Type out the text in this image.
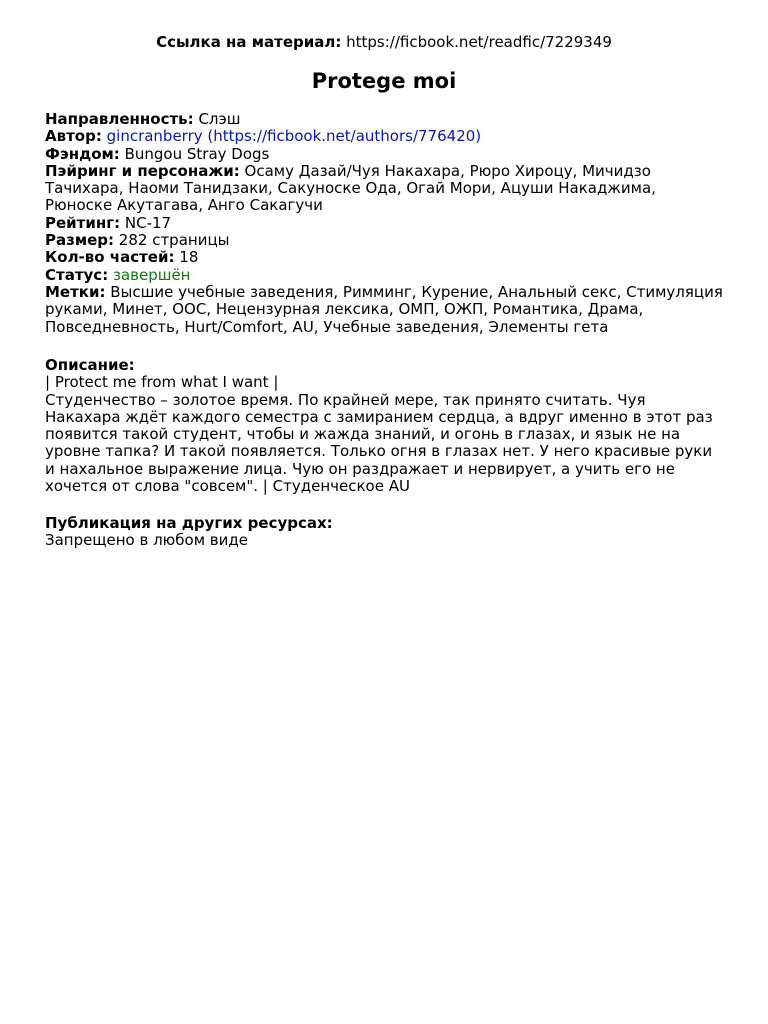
Ссылка на материал: https://ficbook.net/readfic/7229349
Protege moi

Направленность: Слэш

Автор: gincranberry (https://ficbook.net/authors/776420)

Фэндом: Bungou Stray Dogs

Пэйринг и персонажи: Осаму Дазай/Чуя Накахара, Рюро Хироцу, Мичидзо Тачихара, Наоми Танидзаки, Сакуноске Ода, Огай Мори, Ацуши Накаджима, Рюноске Акутагава, Анго Сакагучи

Рейтинг: NC-17

Размер: 282 страницы

Кол-во частей: 18

Статус: завершён

Метки: Высшие учебные заведения, Римминг, Курение, Анальный секс, Стимуляция руками, Минет, ООС, Нецензурная лексика, ОМП, ОЖП, Романтика, Драма, Повседневность, Hurt/Comfort, AU, Учебные заведения, Элементы гета

Описание:

| Protect me from what I want |

Студенчество – золотое время. По крайней мере, так принято считать. Чуя Накахара ждёт каждого семестра с замиранием сердца, а вдруг именно в этот раз появится такой студент, чтобы и жажда знаний, и огонь в глазах, и язык не на уровне тапка? И такой появляется. Только огня в глазах нет. У него красивые руки и нахальное выражение лица. Чую он раздражает и нервирует, а учить его не хочется от слова "совсем". | Студенческое AU

Публикация на других ресурсах:

Запрещено в любом виде
